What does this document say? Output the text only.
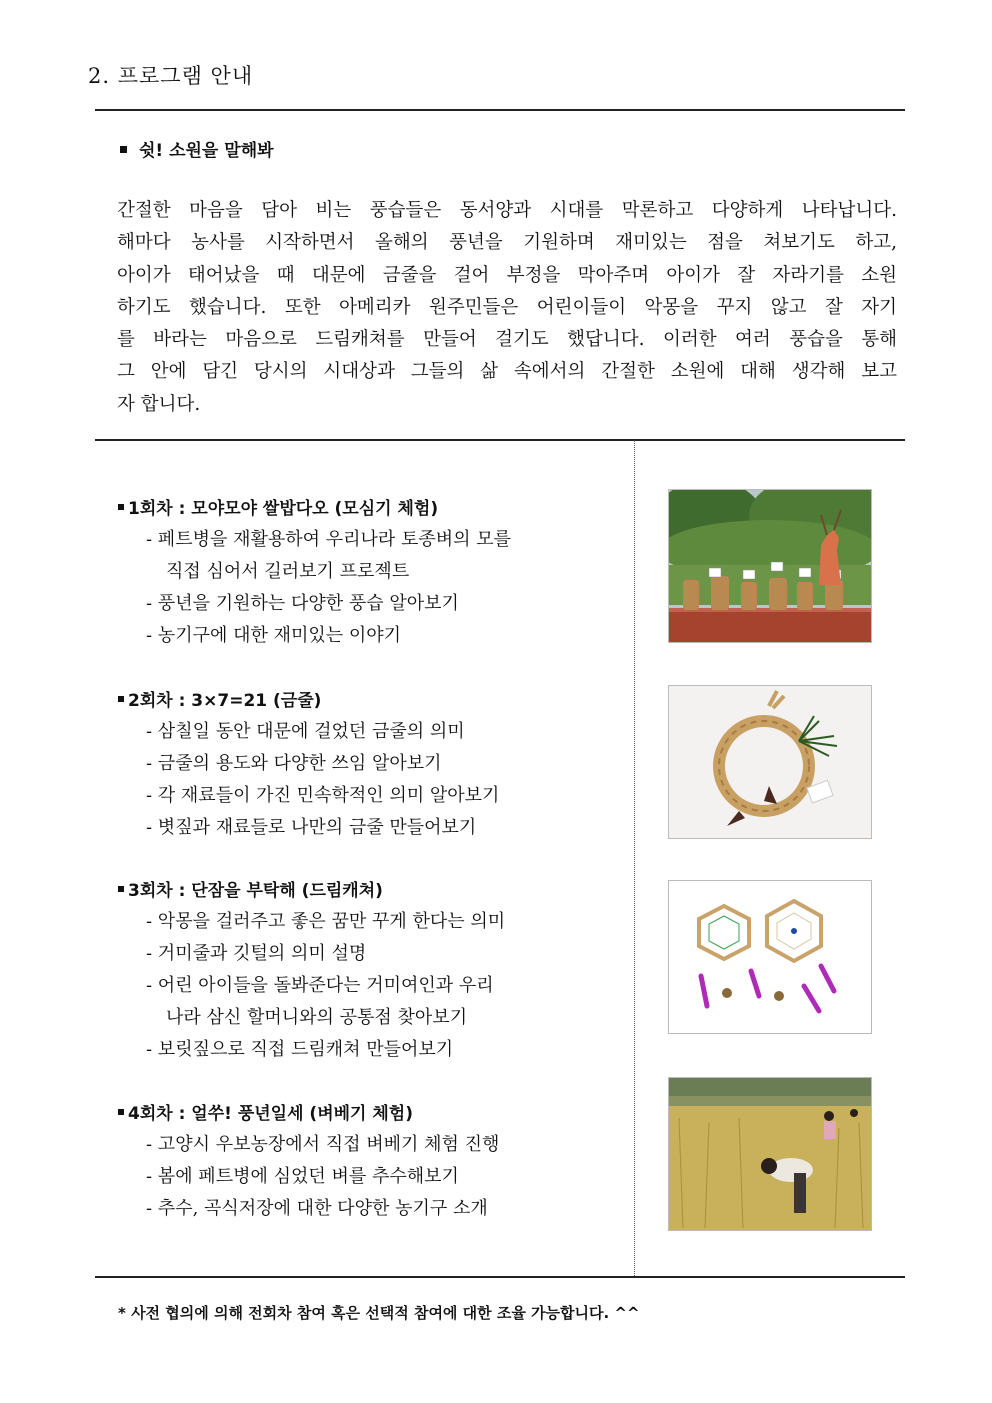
2. 프로그램 안내
쉿! 소원을 말해봐
간절한 마음을 담아 비는 풍습들은 동서양과 시대를 막론하고 다양하게 나타납니다.
해마다 농사를 시작하면서 올해의 풍년을 기원하며 재미있는 점을 쳐보기도 하고,
아이가 태어났을 때 대문에 금줄을 걸어 부정을 막아주며 아이가 잘 자라기를 소원
하기도 했습니다. 또한 아메리카 원주민들은 어린이들이 악몽을 꾸지 않고 잘 자기
를 바라는 마음으로 드림캐쳐를 만들어 걸기도 했답니다. 이러한 여러 풍습을 통해
그 안에 담긴 당시의 시대상과 그들의 삶 속에서의 간절한 소원에 대해 생각해 보고
자 합니다.
1회차 : 모야모야 쌀밥다오 (모심기 체험)
- 페트병을 재활용하여 우리나라 토종벼의 모를
직접 심어서 길러보기 프로젝트
- 풍년을 기원하는 다양한 풍습 알아보기
- 농기구에 대한 재미있는 이야기
2회차 : 3×7=21 (금줄)
- 삼칠일 동안 대문에 걸었던 금줄의 의미
- 금줄의 용도와 다양한 쓰임 알아보기
- 각 재료들이 가진 민속학적인 의미 알아보기
- 볏짚과 재료들로 나만의 금줄 만들어보기
3회차 : 단잠을 부탁해 (드림캐쳐)
- 악몽을 걸러주고 좋은 꿈만 꾸게 한다는 의미
- 거미줄과 깃털의 의미 설명
- 어린 아이들을 돌봐준다는 거미여인과 우리
나라 삼신 할머니와의 공통점 찾아보기
- 보릿짚으로 직접 드림캐쳐 만들어보기
4회차 : 얼쑤! 풍년일세 (벼베기 체험)
- 고양시 우보농장에서 직접 벼베기 체험 진행
- 봄에 페트병에 심었던 벼를 추수해보기
- 추수, 곡식저장에 대한 다양한 농기구 소개
* 사전 협의에 의해 전회차 참여 혹은 선택적 참여에 대한 조율 가능합니다. ^^
